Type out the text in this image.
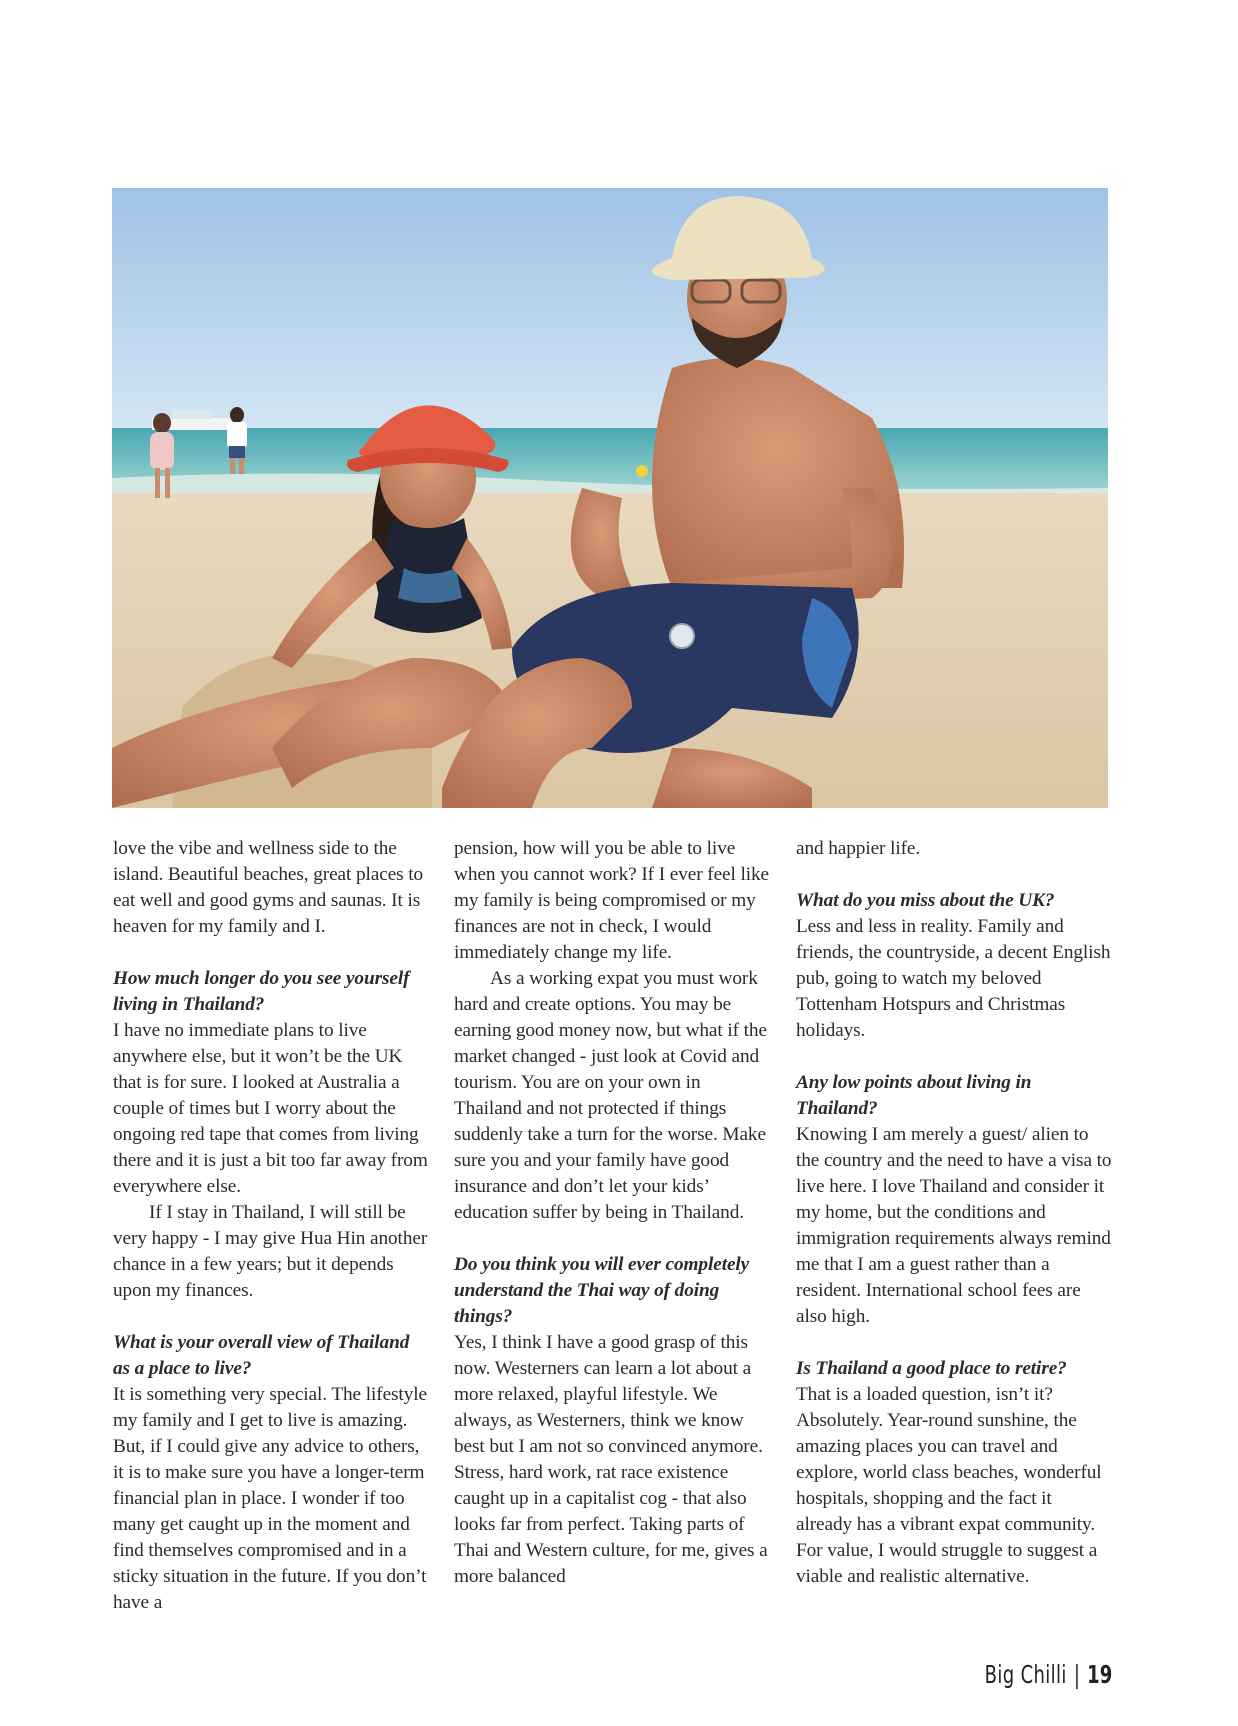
love the vibe and wellness side to the island. Beautiful beaches, great places to eat well and good gyms and saunas. It is heaven for my family and I.

How much longer do you see yourself living in Thailand?

I have no immediate plans to live anywhere else, but it won’t be the UK that is for sure. I looked at Australia a couple of times but I worry about the ongoing red tape that comes from living there and it is just a bit too far away from everywhere else.

If I stay in Thailand, I will still be very happy - I may give Hua Hin another chance in a few years; but it depends upon my finances.

What is your overall view of Thailand as a place to live?

It is something very special. The lifestyle my family and I get to live is amazing. But, if I could give any advice to others, it is to make sure you have a longer-term financial plan in place. I wonder if too many get caught up in the moment and find themselves compromised and in a sticky situation in the future. If you don’t have a

pension, how will you be able to live when you cannot work? If I ever feel like my family is being compromised or my finances are not in check, I would immediately change my life.

As a working expat you must work hard and create options. You may be earning good money now, but what if the market changed - just look at Covid and tourism. You are on your own in Thailand and not protected if things suddenly take a turn for the worse. Make sure you and your family have good insurance and don’t let your kids’ education suffer by being in Thailand.

Do you think you will ever completely understand the Thai way of doing things?

Yes, I think I have a good grasp of this now. Westerners can learn a lot about a more relaxed, playful lifestyle. We always, as Westerners, think we know best but I am not so convinced anymore. Stress, hard work, rat race existence caught up in a capitalist cog - that also looks far from perfect. Taking parts of Thai and Western culture, for me, gives a more balanced

and happier life.

What do you miss about the UK?

Less and less in reality. Family and friends, the countryside, a decent English pub, going to watch my beloved Tottenham Hotspurs and Christmas holidays.

Any low points about living in Thailand?

Knowing I am merely a guest/ alien to the country and the need to have a visa to live here. I love Thailand and consider it my home, but the conditions and immigration requirements always remind me that I am a guest rather than a resident. International school fees are also high.

Is Thailand a good place to retire?

That is a loaded question, isn’t it? Absolutely. Year-round sunshine, the amazing places you can travel and explore, world class beaches, wonderful hospitals, shopping and the fact it already has a vibrant expat community. For value, I would struggle to suggest a viable and realistic alternative.

Big Chilli | 19
